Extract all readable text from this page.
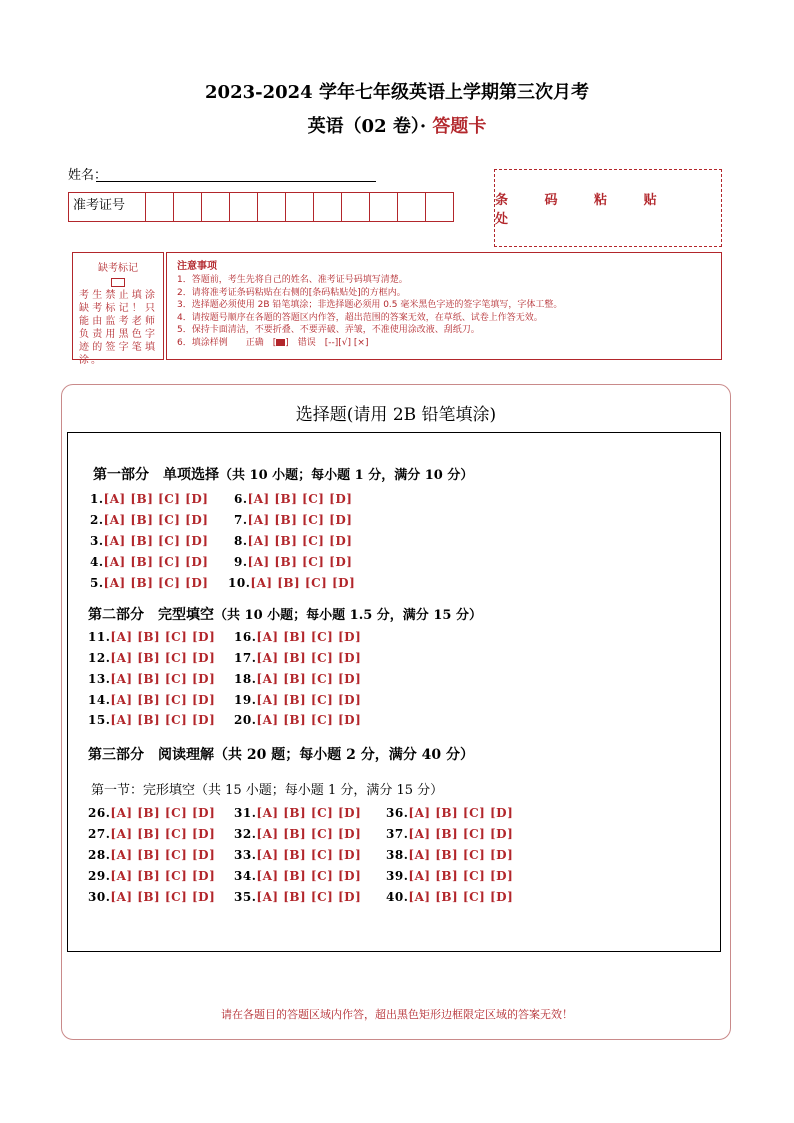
2023-2024 学年七年级英语上学期第三次月考
英语（02 卷）· 答题卡
姓名：
准考证号	条 码 粘 贴 处
缺考标记
考生禁止填涂缺考标记！只能由监考老师负责用黑色字迹的签字笔填涂。
注意事项
1．答题前，考生先将自己的姓名、准考证号码填写清楚。
2．请将准考证条码粘贴在右侧的[条码粘贴处]的方框内。
3．选择题必须使用 2B 铅笔填涂；非选择题必须用 0.5 毫米黑色字迹的签字笔填写，字体工整。
4．请按题号顺序在各题的答题区内作答，超出范围的答案无效，在草纸、试卷上作答无效。
5．保持卡面清洁，不要折叠、不要弄破、弄皱，不准使用涂改液、刮纸刀。
6．填涂样例　　正确　[ ]　错误　[--][√] [×]
选择题(请用 2B 铅笔填涂)
第一部分　单项选择（共 10 小题；每小题 1 分，满分 10 分）
1.[A] [B] [C] [D]
2.[A] [B] [C] [D]
3.[A] [B] [C] [D]
4.[A] [B] [C] [D]
5.[A] [B] [C] [D]
6.[A] [B] [C] [D]
7.[A] [B] [C] [D]
8.[A] [B] [C] [D]
9.[A] [B] [C] [D]
10.[A] [B] [C] [D]
第二部分　完型填空（共 10 小题；每小题 1.5 分，满分 15 分）
11.[A] [B] [C] [D]
12.[A] [B] [C] [D]
13.[A] [B] [C] [D]
14.[A] [B] [C] [D]
15.[A] [B] [C] [D]
16.[A] [B] [C] [D]
17.[A] [B] [C] [D]
18.[A] [B] [C] [D]
19.[A] [B] [C] [D]
20.[A] [B] [C] [D]
第三部分　阅读理解（共 20 题；每小题 2 分，满分 40 分）
第一节：完形填空（共 15 小题；每小题 1 分，满分 15 分）
26.[A] [B] [C] [D]
27.[A] [B] [C] [D]
28.[A] [B] [C] [D]
29.[A] [B] [C] [D]
30.[A] [B] [C] [D]
31.[A] [B] [C] [D]
32.[A] [B] [C] [D]
33.[A] [B] [C] [D]
34.[A] [B] [C] [D]
35.[A] [B] [C] [D]
36.[A] [B] [C] [D]
37.[A] [B] [C] [D]
38.[A] [B] [C] [D]
39.[A] [B] [C] [D]
40.[A] [B] [C] [D]
请在各题目的答题区域内作答，超出黑色矩形边框限定区域的答案无效！
